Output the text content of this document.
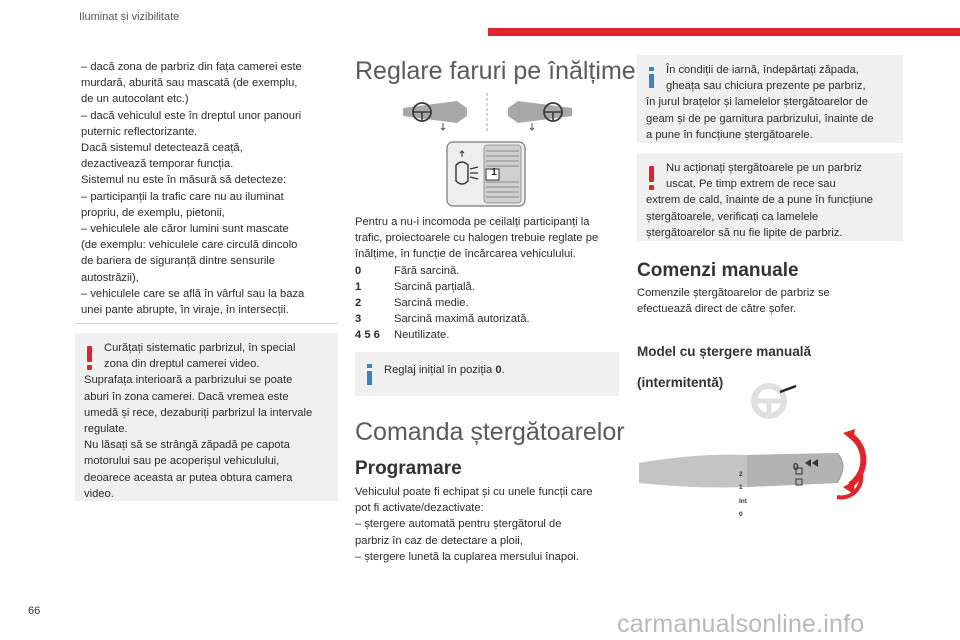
Iluminat și vizibilitate

– dacă zona de parbriz din fața camerei este

murdară, aburită sau mascată (de exemplu,

de un autocolant etc.)

– dacă vehiculul este în dreptul unor panouri

puternic reflectorizante.

Dacă sistemul detectează ceață,

dezactivează temporar funcția.

Sistemul nu este în măsură să detecteze:

– participanții la trafic care nu au iluminat

propriu, de exemplu, pietonii,

– vehiculele ale căror lumini sunt mascate

(de exemplu: vehiculele care circulă dincolo

de bariera de siguranță dintre sensurile

autostrăzii),

– vehiculele care se află în vârful sau la baza

unei pante abrupte, în viraje, în intersecții.

Curățați sistematic parbrizul, în special

zona din dreptul camerei video.

Suprafața interioară a parbrizului se poate

aburi în zona camerei. Dacă vremea este

umedă și rece, dezaburiți parbrizul la intervale

regulate.

Nu lăsați să se strângă zăpadă pe capota

motorului sau pe acoperișul vehiculului,

deoarece aceasta ar putea obtura camera

video.

Reglare faruri pe înălțime
1

Pentru a nu-i incomoda pe ceilalți participanți la

trafic, proiectoarele cu halogen trebuie reglate pe

înălțime, în funcție de încărcarea vehiculului.

0	Fără sarcină.
1	Sarcină parțială.
2	Sarcină medie.
3	Sarcină maximă autorizată.
4 5 6	Neutilizate.
Reglaj inițial în poziția 0.
Comanda ștergătoarelor
Programare

Vehiculul poate fi echipat și cu unele funcții care

pot fi activate/dezactivate:

– ștergere automată pentru ștergătorul de

parbriz în caz de detectare a ploii,

– ștergere lunetă la cuplarea mersului înapoi.

În condiții de iarnă, îndepărtați zăpada,

gheața sau chiciura prezente pe parbriz,

în jurul brațelor și lamelelor ștergătoarelor de

geam și de pe garnitura parbrizului, înainte de

a pune în funcțiune ștergătoarele.

Nu acționați ștergătoarele pe un parbriz

uscat. Pe timp extrem de rece sau

extrem de cald, înainte de a pune în funcțiune

ștergătoarele, verificați ca lamelele

ștergătoarelor să nu fie lipite de parbriz.

Comenzi manuale

Comenzile ștergătoarelor de parbriz se

efectuează direct de către șofer.

Model cu ștergere manuală

(intermitentă)

2

1

Int

0

0
66	carmanualsonline.info
